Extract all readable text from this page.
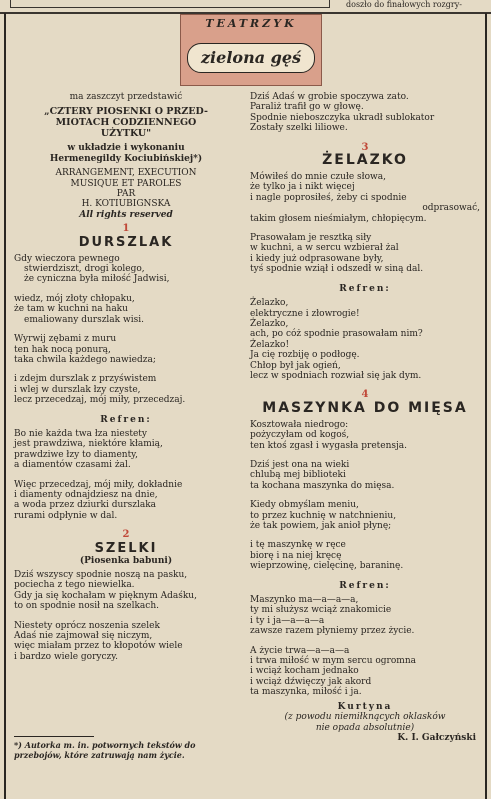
doszło do finałowych rozgry-
TEATRZYK
zielona gęś
ma zaszczyt przedstawić
„CZTERY PIOSENKI O PRZED-
MIOTACH CODZIENNEGO
UŻYTKU"
w układzie i wykonaniu
Hermenegildy Kociubińskiej*)
ARRANGEMENT, EXECUTION
MUSIQUE ET PAROLES
PAR
H. KOTIUBIGNSKA
All rights reserved
1
DURSZLAK
Gdy wieczora pewnego
stwierdziszt, drogi kolego,
że cyniczna była miłość Jadwisi,
wiedz, mój złoty chłopaku,
że tam w kuchni na haku
emaliowany durszlak wisi.
Wyrwij zębami z muru
ten hak nocą ponurą,
taka chwila każdego nawiedza;
i zdejm durszlak z przyświstem
i wlej w durszlak łzy czyste,
lecz przecedzaj, mój miły, przecedzaj.
Refren:
Bo nie każda twa łza niestety
jest prawdziwa, niektóre kłamią,
prawdziwe łzy to diamenty,
a diamentów czasami żal.
Więc przecedzaj, mój miły, dokładnie
i diamenty odnajdziesz na dnie,
a woda przez dziurki durszlaka
rurami odpłynie w dal.
2
SZELKI
(Piosenka babuni)
Dziś wszyscy spodnie noszą na pasku,
pociecha z tego niewielka.
Gdy ja się kochałam w pięknym Adaśku,
to on spodnie nosił na szelkach.
Niestety oprócz noszenia szelek
Adaś nie zajmował się niczym,
więc miałam przez to kłopotów wiele
i bardzo wiele goryczy.
*) Autorka m. in. potwornych tekstów do
przebojów, które zatruwają nam życie.
Dziś Adaś w grobie spoczywa zato.
Paraliż trafił go w głowę.
Spodnie nieboszczyka ukradł sublokator
Zostały szelki liliowe.
3
ŻELAZKO
Mówiłeś do mnie czułe słowa,
że tylko ja i nikt więcej
i nagle poprosiłeś, żeby ci spodnie
odprasować,
takim głosem nieśmiałym, chłopięcym.
Prasowałam je resztką siły
w kuchni, a w sercu wzbierał żal
i kiedy już odprasowane były,
tyś spodnie wziął i odszedł w siną dal.
Refren:
Żelazko,
elektryczne i złowrogie!
Żelazko,
ach, po cóż spodnie prasowałam nim?
Żelazko!
Ja cię rozbiję o podłogę.
Chłop był jak ogień,
lecz w spodniach rozwiał się jak dym.
4
MASZYNKA DO MIĘSA
Kosztowała niedrogo:
pożyczyłam od kogoś,
ten ktoś zgasł i wygasła pretensja.
Dziś jest ona na wieki
chlubą mej biblioteki
ta kochana maszynka do mięsa.
Kiedy obmyślam meniu,
to przez kuchnię w natchnieniu,
że tak powiem, jak anioł płynę;
i tę maszynkę w ręce
biorę i na niej kręcę
wieprzowinę, cielęcinę, baraninę.
Refren:
Maszynko ma—a—a—a,
ty mi służysz wciąż znakomicie
i ty i ja—a—a—a
zawsze razem płyniemy przez życie.
A życie trwa—a—a—a
i trwa miłość w mym sercu ogromna
i wciąż kocham jednako
i wciąż dźwięczy jak akord
ta maszynka, miłość i ja.
Kurtyna
(z powodu niemiłknących oklasków
nie opada absolutnie)
K. I. Gałczyński
